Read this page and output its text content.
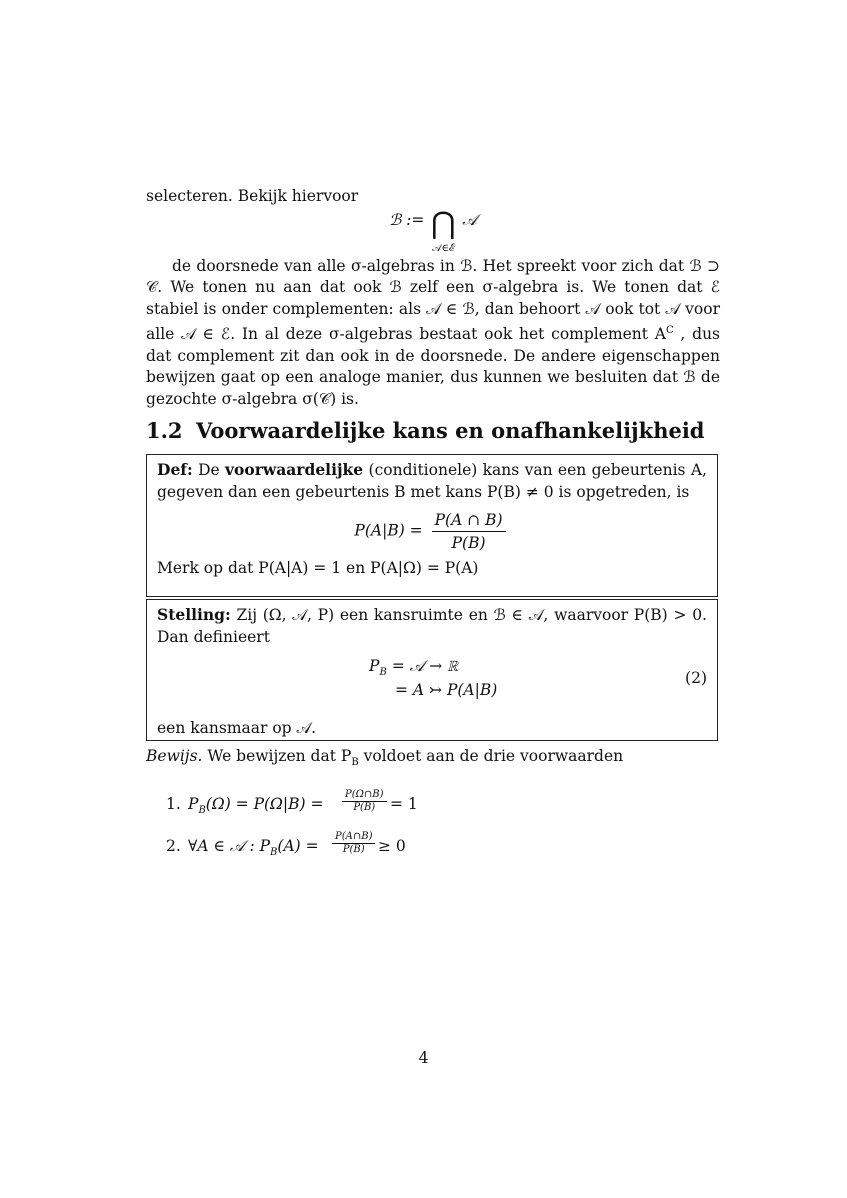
selecteren. Bekijk hiervoor

ℬ := ⋂
𝒜∈ℰ
𝒜

de doorsnede van alle σ-algebras in ℬ. Het spreekt voor zich dat ℬ ⊃ 𝒞. We tonen nu aan dat ook ℬ zelf een σ-algebra is. We tonen dat ℰ stabiel is onder complementen: als 𝒜 ∈ ℬ, dan behoort 𝒜 ook tot 𝒜 voor alle 𝒜 ∈ ℰ. In al deze σ-algebras bestaat ook het complement $A^C$ , dus dat complement zit dan ook in de doorsnede. De andere eigenschappen bewijzen gaat op een analoge manier, dus kunnen we besluiten dat ℬ de gezochte σ-algebra σ(𝒞) is.

1.2 Voorwaardelijke kans en onafhankelijkheid

Def: De voorwaardelijke (conditionele) kans van een gebeurtenis A, gegeven dan een gebeurtenis B met kans P(B) ≠ 0 is opgetreden, is

$P(A|B) = \frac{P(A \cap B)}{P(B)}$

Merk op dat P(A|A) = 1 en P(A|Ω) = P(A)

Stelling: Zij (Ω, 𝒜, P) een kansruimte en ℬ ∈ 𝒜, waarvoor P(B) > 0. Dan definieert

$P_B$ = 𝒜 → ℝ
= A ↣ P(A|B)
(2)

een kansmaar op 𝒜.

Bewijs. We bewijzen dat $P_B$ voldoet aan de drie voorwaarden

1. $P_B(\Omega) = P(\Omega|B) = \frac{P(\Omega\cap B)}{P(B)} = 1$
2. ∀A ∈ 𝒜 : $P_B(A) = \frac{P(A\cap B)}{P(B)} \ge 0$
4
